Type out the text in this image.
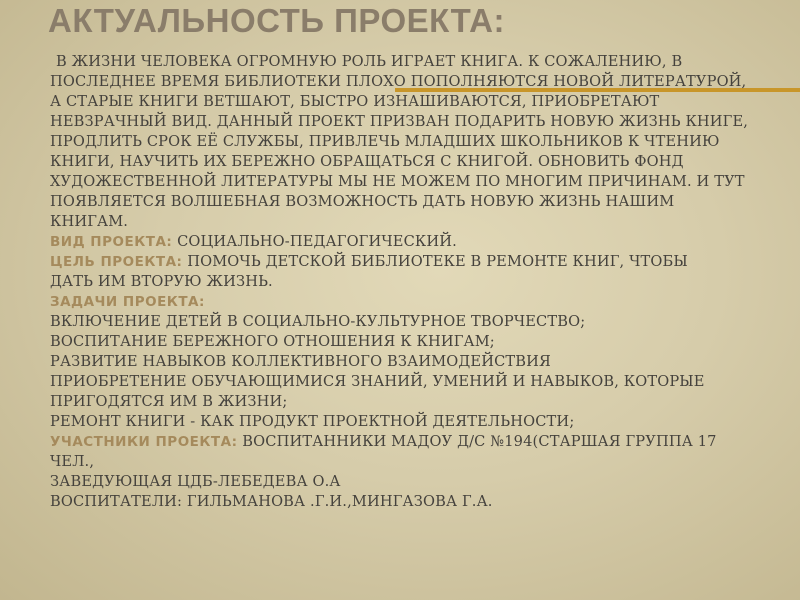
АКТУАЛЬНОСТЬ ПРОЕКТА:
В ЖИЗНИ ЧЕЛОВЕКА ОГРОМНУЮ РОЛЬ ИГРАЕТ КНИГА. К СОЖАЛЕНИЮ, В
ПОСЛЕДНЕЕ ВРЕМЯ БИБЛИОТЕКИ ПЛОХО ПОПОЛНЯЮТСЯ НОВОЙ ЛИТЕРАТУРОЙ,
А СТАРЫЕ КНИГИ ВЕТШАЮТ, БЫСТРО ИЗНАШИВАЮТСЯ, ПРИОБРЕТАЮТ
НЕВЗРАЧНЫЙ ВИД. ДАННЫЙ ПРОЕКТ ПРИЗВАН ПОДАРИТЬ НОВУЮ ЖИЗНЬ КНИГЕ,
ПРОДЛИТЬ СРОК ЕЁ СЛУЖБЫ, ПРИВЛЕЧЬ МЛАДШИХ ШКОЛЬНИКОВ К ЧТЕНИЮ
КНИГИ, НАУЧИТЬ ИХ БЕРЕЖНО ОБРАЩАТЬСЯ С КНИГОЙ. ОБНОВИТЬ ФОНД
ХУДОЖЕСТВЕННОЙ ЛИТЕРАТУРЫ МЫ НЕ МОЖЕМ ПО МНОГИМ ПРИЧИНАМ. И ТУТ
ПОЯВЛЯЕТСЯ ВОЛШЕБНАЯ ВОЗМОЖНОСТЬ ДАТЬ НОВУЮ ЖИЗНЬ НАШИМ
КНИГАМ.
ВИД ПРОЕКТА: СОЦИАЛЬНО-ПЕДАГОГИЧЕСКИЙ.
ЦЕЛЬ ПРОЕКТА: ПОМОЧЬ ДЕТСКОЙ БИБЛИОТЕКЕ В РЕМОНТЕ КНИГ, ЧТОБЫ
ДАТЬ ИМ ВТОРУЮ ЖИЗНЬ.
ЗАДАЧИ ПРОЕКТА:
ВКЛЮЧЕНИЕ ДЕТЕЙ В СОЦИАЛЬНО-КУЛЬТУРНОЕ ТВОРЧЕСТВО;
ВОСПИТАНИЕ БЕРЕЖНОГО ОТНОШЕНИЯ К КНИГАМ;
РАЗВИТИЕ НАВЫКОВ КОЛЛЕКТИВНОГО ВЗАИМОДЕЙСТВИЯ
ПРИОБРЕТЕНИЕ ОБУЧАЮЩИМИСЯ ЗНАНИЙ, УМЕНИЙ И НАВЫКОВ, КОТОРЫЕ
ПРИГОДЯТСЯ ИМ В ЖИЗНИ;
РЕМОНТ КНИГИ - КАК ПРОДУКТ ПРОЕКТНОЙ ДЕЯТЕЛЬНОСТИ;
УЧАСТНИКИ ПРОЕКТА: ВОСПИТАННИКИ МАДОУ Д/С №194(СТАРШАЯ ГРУППА 17
ЧЕЛ.,
ЗАВЕДУЮЩАЯ ЦДБ-ЛЕБЕДЕВА О.А
ВОСПИТАТЕЛИ: ГИЛЬМАНОВА .Г.И.,МИНГАЗОВА Г.А.
